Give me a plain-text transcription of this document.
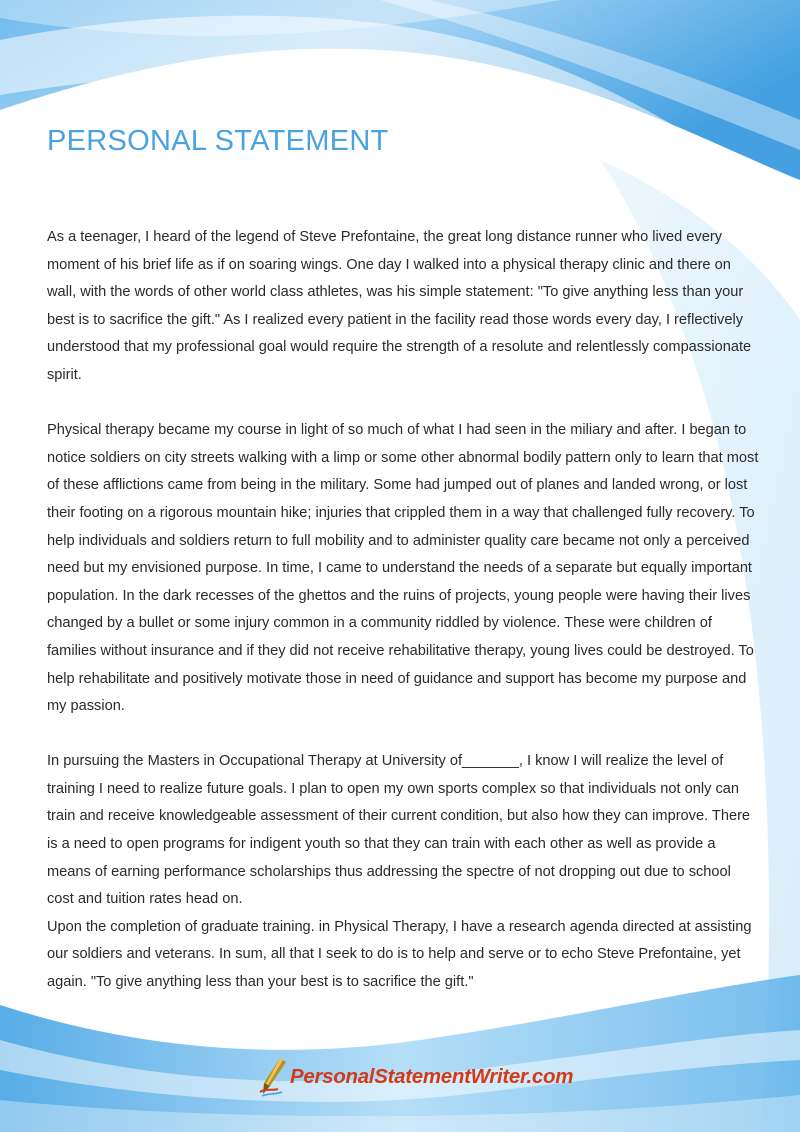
PERSONAL STATEMENT

As a teenager, I heard of the legend of Steve Prefontaine, the great long distance runner who lived every moment of his brief life as if on soaring wings. One day I walked into a physical therapy clinic and there on wall, with the words of other world class athletes, was his simple statement: "To give anything less than your best is to sacrifice the gift." As I realized every patient in the facility read those words every day, I reflectively understood that my professional goal would require the strength of a resolute and relentlessly compassionate spirit.

Physical therapy became my course in light of so much of what I had seen in the miliary and after. I began to notice soldiers on city streets walking with a limp or some other abnormal bodily pattern only to learn that most of these afflictions came from being in the military. Some had jumped out of planes and landed wrong, or lost their footing on a rigorous mountain hike; injuries that crippled them in a way that challenged fully recovery. To help individuals and soldiers return to full mobility and to administer quality care became not only a perceived need but my envisioned purpose. In time, I came to understand the needs of a separate but equally important population. In the dark recesses of the ghettos and the ruins of projects, young people were having their lives changed by a bullet or some injury common in a community riddled by violence. These were children of families without insurance and if they did not receive rehabilitative therapy, young lives could be destroyed. To help rehabilitate and positively motivate those in need of guidance and support has become my purpose and my passion.

In pursuing the Masters in Occupational Therapy at University of_______, I know I will realize the level of training I need to realize future goals. I plan to open my own sports complex so that individuals not only can train and receive knowledgeable assessment of their current condition, but also how they can improve. There is a need to open programs for indigent youth so that they can train with each other as well as provide a means of earning performance scholarships thus addressing the spectre of not dropping out due to school cost and tuition rates head on.

Upon the completion of graduate training. in Physical Therapy, I have a research agenda directed at assisting our soldiers and veterans. In sum, all that I seek to do is to help and serve or to echo Steve Prefontaine, yet again. "To give anything less than your best is to sacrifice the gift."

PersonalStatementWriter.com
